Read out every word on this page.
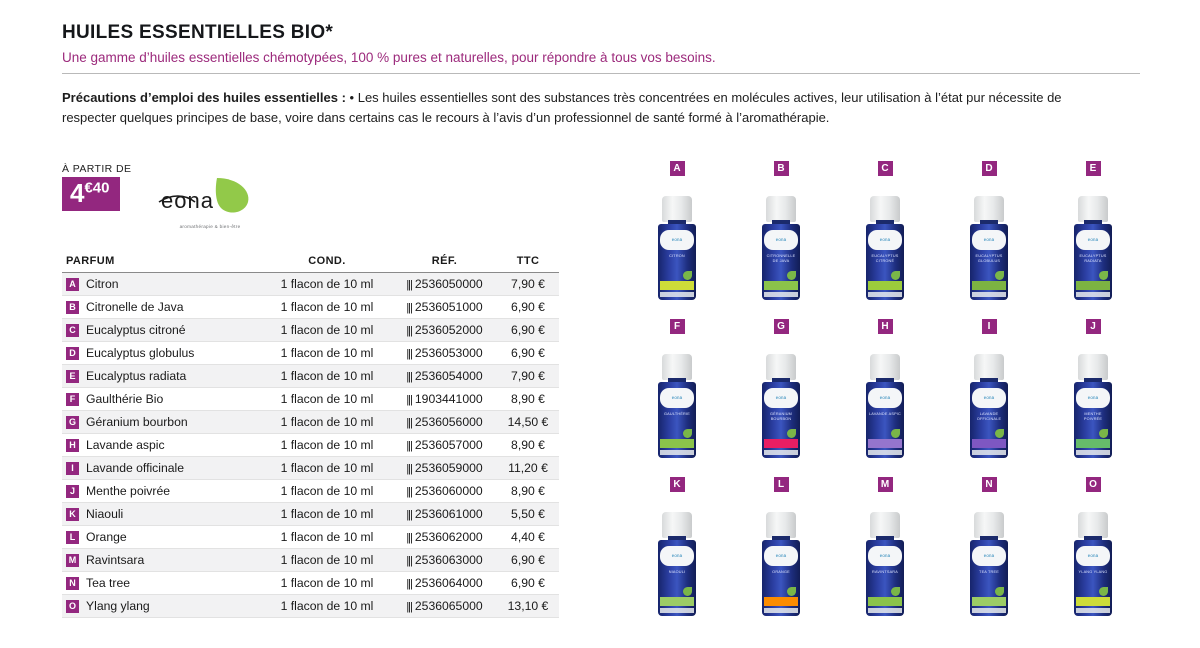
HUILES ESSENTIELLES BIO*
Une gamme d’huiles essentielles chémotypées, 100 % pures et naturelles, pour répondre à tous vos besoins.
Précautions d’emploi des huiles essentielles : • Les huiles essentielles sont des substances très concentrées en molécules actives, leur utilisation à l’état pur nécessite de respecter quelques principes de base, voire dans certains cas le recours à l’avis d’un professionnel de santé formé à l’aromathérapie.
À PARTIR DE
$4^{€40}$
eona
aromathérapie & bien-être
PARFUM	COND.	RÉF.	TTC
A Citron	1 flacon de 10 ml	||| 2536050000	7,90 €
B Citronelle de Java	1 flacon de 10 ml	||| 2536051000	6,90 €
C Eucalyptus citroné	1 flacon de 10 ml	||| 2536052000	6,90 €
D Eucalyptus globulus	1 flacon de 10 ml	||| 2536053000	6,90 €
E Eucalyptus radiata	1 flacon de 10 ml	||| 2536054000	7,90 €
F Gaulthérie Bio	1 flacon de 10 ml	||| 1903441000	8,90 €
G Géranium bourbon	1 flacon de 10 ml	||| 2536056000	14,50 €
H Lavande aspic	1 flacon de 10 ml	||| 2536057000	8,90 €
I Lavande officinale	1 flacon de 10 ml	||| 2536059000	11,20 €
J Menthe poivrée	1 flacon de 10 ml	||| 2536060000	8,90 €
K Niaouli	1 flacon de 10 ml	||| 2536061000	5,50 €
L Orange	1 flacon de 10 ml	||| 2536062000	4,40 €
M Ravintsara	1 flacon de 10 ml	||| 2536063000	6,90 €
N Tea tree	1 flacon de 10 ml	||| 2536064000	6,90 €
O Ylang ylang	1 flacon de 10 ml	||| 2536065000	13,10 €
A
eona
CITRON
B
eona
CITRONNELLE DE JAVA
C
eona
EUCALYPTUS CITRONÉ
D
eona
EUCALYPTUS GLOBULUS
E
eona
EUCALYPTUS RADIATA
F
eona
GAULTHÉRIE
G
eona
GÉRANIUM BOURBON
H
eona
LAVANDE ASPIC
I
eona
LAVANDE OFFICINALE
J
eona
MENTHE POIVRÉE
K
eona
NIAOULI
L
eona
ORANGE
M
eona
RAVINTSARA
N
eona
TEA TREE
O
eona
YLANG YLANG
